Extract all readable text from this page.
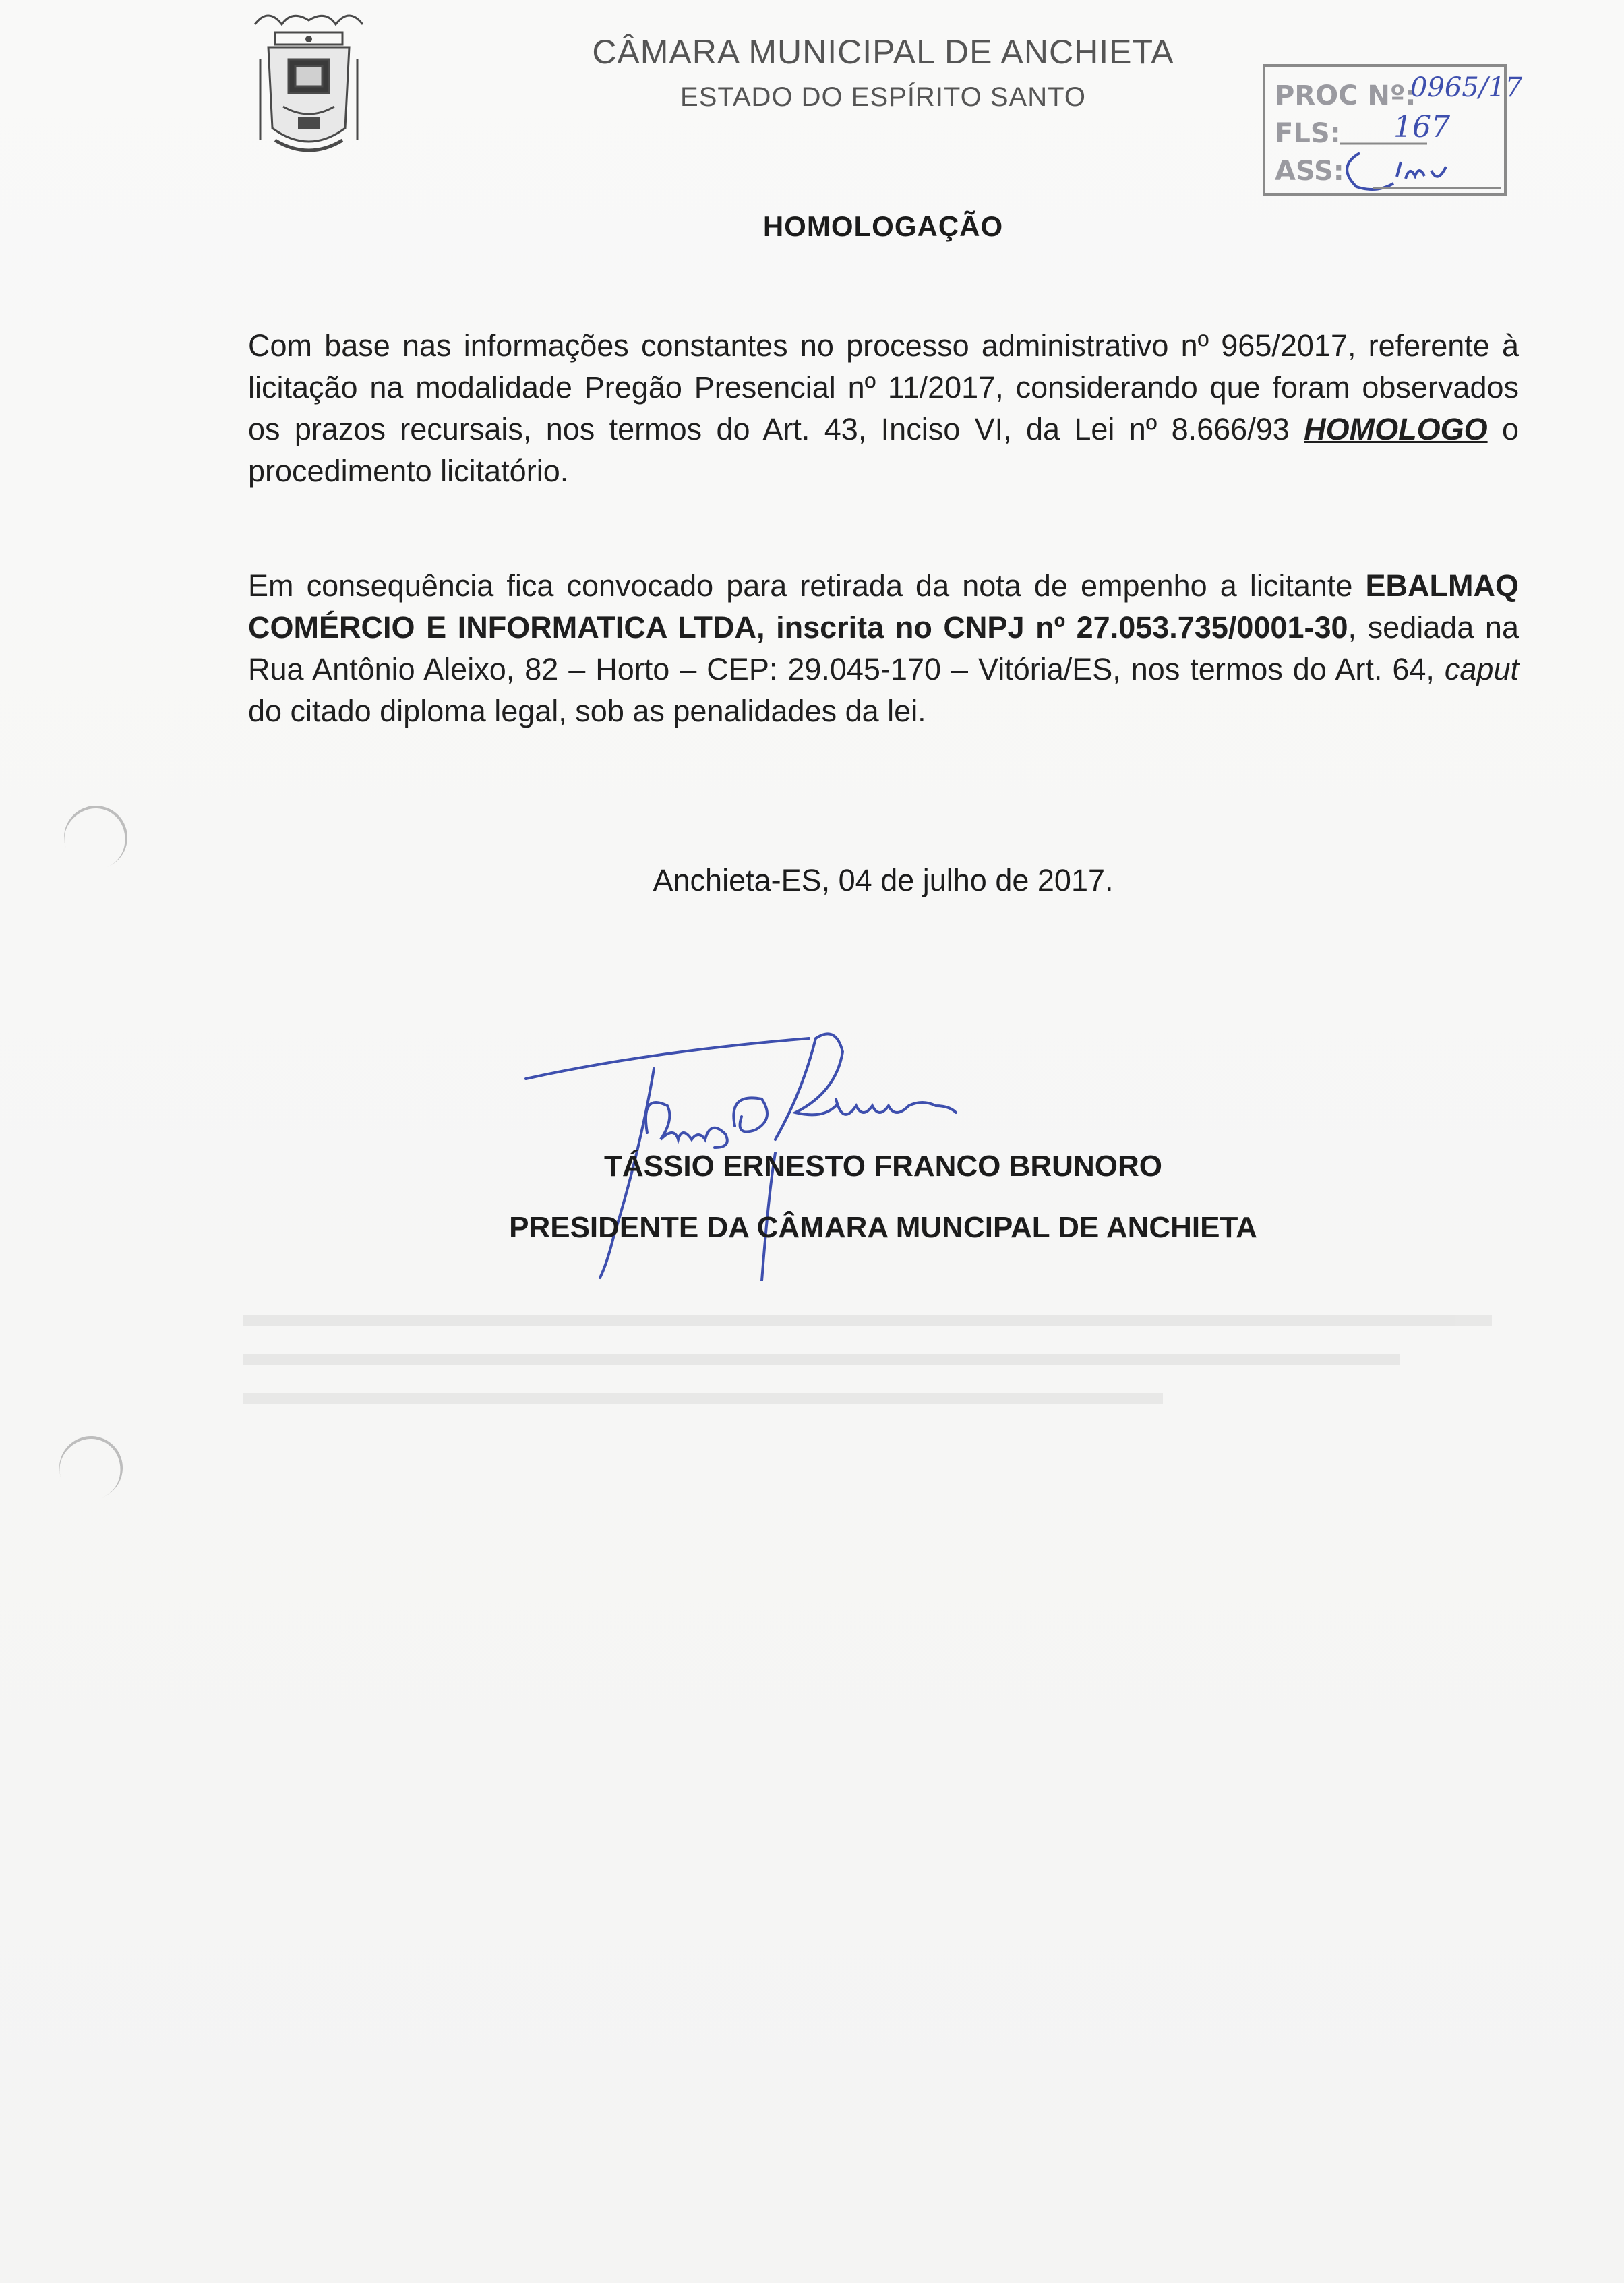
CÂMARA MUNICIPAL DE ANCHIETA
ESTADO DO ESPÍRITO SANTO	PROC Nº:
0965/17
FLS: 167
ASS:
HOMOLOGAÇÃO
Com base nas informações constantes no processo administrativo nº 965/2017, referente à licitação na modalidade Pregão Presencial nº 11/2017, considerando que foram observados os prazos recursais, nos termos do Art. 43, Inciso VI, da Lei nº 8.666/93 HOMOLOGO o procedimento licitatório.
Em consequência fica convocado para retirada da nota de empenho a licitante EBALMAQ COMÉRCIO E INFORMATICA LTDA, inscrita no CNPJ nº 27.053.735/0001-30, sediada na Rua Antônio Aleixo, 82 – Horto – CEP: 29.045-170 – Vitória/ES, nos termos do Art. 64, caput do citado diploma legal, sob as penalidades da lei.
Anchieta-ES, 04 de julho de 2017.
TÁSSIO ERNESTO FRANCO BRUNORO
PRESIDENTE DA CÂMARA MUNCIPAL DE ANCHIETA
